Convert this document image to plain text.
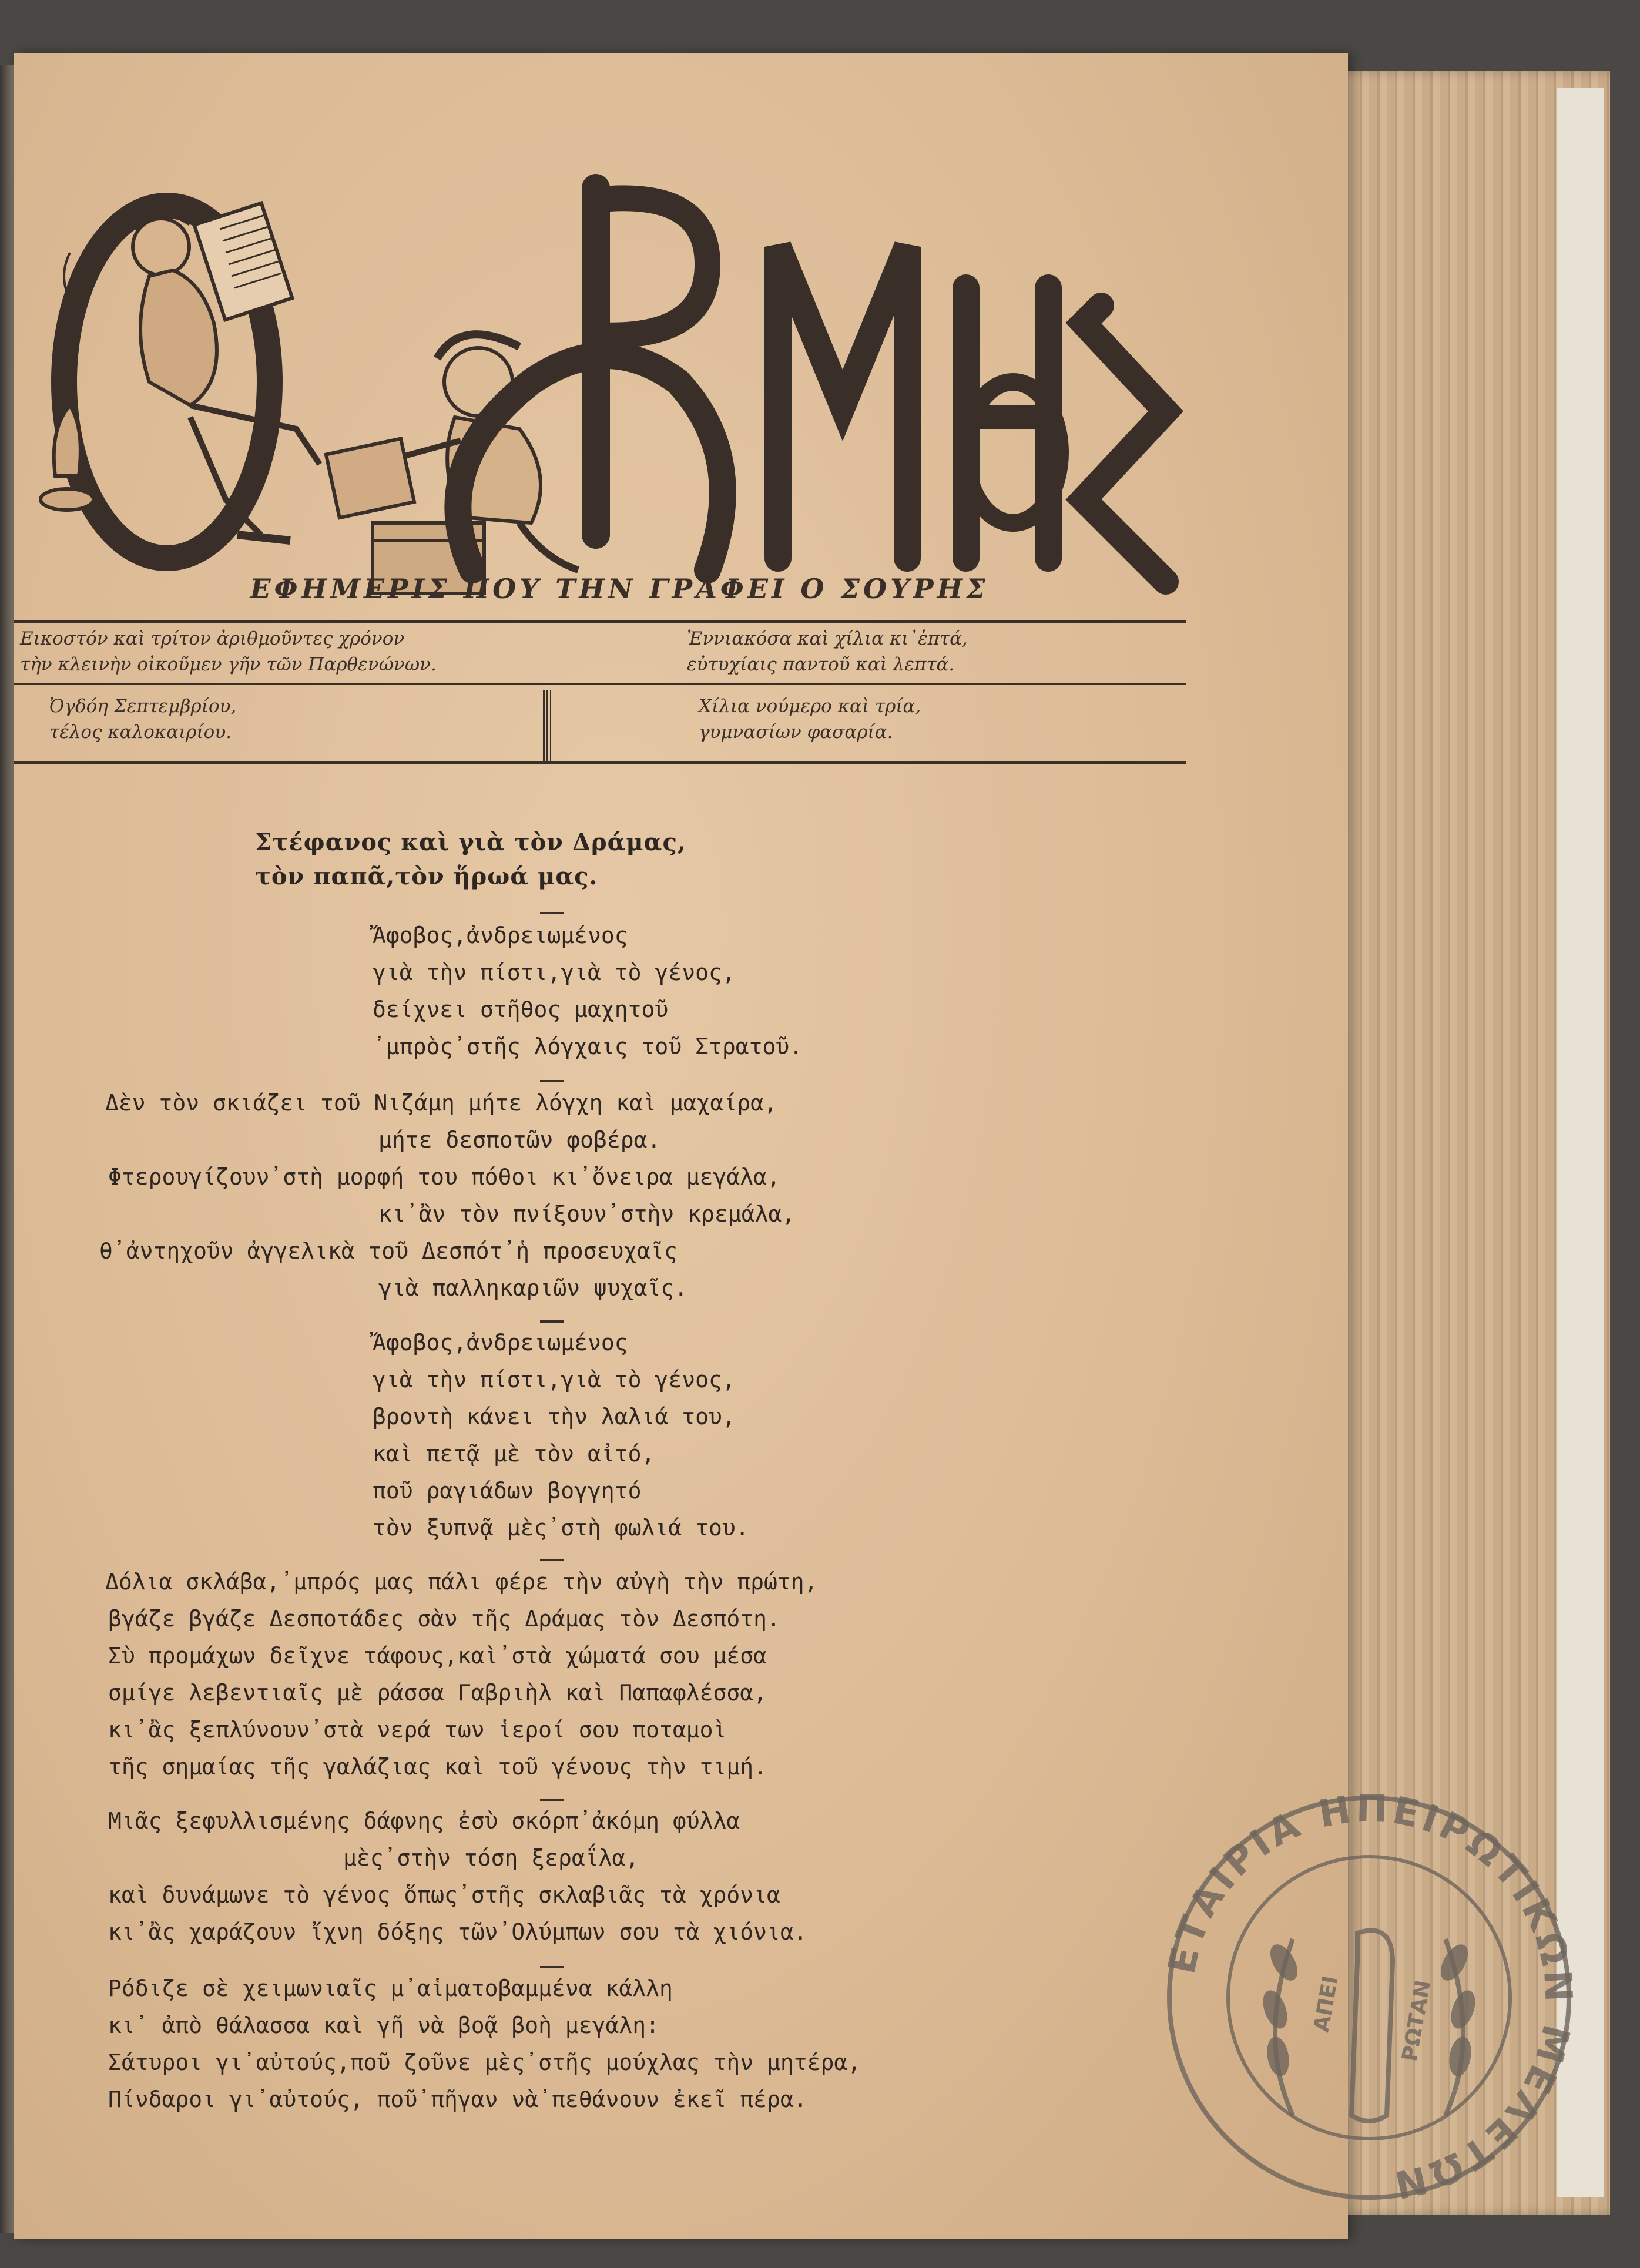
ΕΦΗΜΕΡΙΣ ΠΟΥ ΤΗΝ ΓΡΑΦΕΙ Ο ΣΟΥΡΗΣ
Εικοστόν καὶ τρίτον ἀριθμοῦντες χρόνον
τὴν κλεινὴν οἰκοῦμεν γῆν τῶν Παρθενώνων.
Ἐννιακόσα καὶ χίλια κι᾽ἑπτά,
εὐτυχίαις παντοῦ καὶ λεπτά.
Ὀγδόη Σεπτεμβρίου,
τέλος καλοκαιρίου.
Χίλια νούμερο καὶ τρία,
γυμνασίων φασαρία.
Στέφανος καὶ γιὰ τὸν Δράμας,
τὸν παπᾶ,τὸν ἥρωά μας.
Ἄφοβος,ἀνδρειωμένος
γιὰ τὴν πίστι,γιὰ τὸ γένος,
δείχνει στῆθος μαχητοῦ
᾽μπρὸς᾽στῆς λόγχαις τοῦ Στρατοῦ.
Δὲν τὸν σκιάζει τοῦ Νιζάμη μήτε λόγχη καὶ μαχαίρα,
μήτε δεσποτῶν φοβέρα.
Φτερουγίζουν᾽στὴ μορφή του πόθοι κι᾽ὄνειρα μεγάλα,
κι᾽ἂν τὸν πνίξουν᾽στὴν κρεμάλα,
θ᾽ἀντηχοῦν ἀγγελικὰ τοῦ Δεσπότ᾽ἡ προσευχαῖς
γιὰ παλληκαριῶν ψυχαῖς.
Ἄφοβος,ἀνδρειωμένος
γιὰ τὴν πίστι,γιὰ τὸ γένος,
βροντὴ κάνει τὴν λαλιά του,
καὶ πετᾷ μὲ τὸν αἰτό,
ποῦ ραγιάδων βογγητό
τὸν ξυπνᾷ μὲς᾽στὴ φωλιά του.
Δόλια σκλάβα,᾽μπρός μας πάλι φέρε τὴν αὐγὴ τὴν πρώτη,
βγάζε βγάζε Δεσποτάδες σὰν τῆς Δράμας τὸν Δεσπότη.
Σὺ προμάχων δεῖχνε τάφους,καὶ᾽στὰ χώματά σου μέσα
σμίγε λεβεντιαῖς μὲ ράσσα Γαβριὴλ καὶ Παπαφλέσσα,
κι᾽ἂς ξεπλύνουν᾽στὰ νερά των ἱεροί σου ποταμοὶ
τῆς σημαίας τῆς γαλάζιας καὶ τοῦ γένους τὴν τιμή.
Μιᾶς ξεφυλλισμένης δάφνης ἐσὺ σκόρπ᾽ἀκόμη φύλλα
μὲς᾽στὴν τόση ξεραΐλα,
καὶ δυνάμωνε τὸ γένος ὅπως᾽στῆς σκλαβιᾶς τὰ χρόνια
κι᾽ἂς χαράζουν ἴχνη δόξης τῶν᾽Ολύμπων σου τὰ χιόνια.
Ρόδιζε σὲ χειμωνιαῖς μ᾽αἱματοβαμμένα κάλλη
κι᾽ ἀπὸ θάλασσα καὶ γῆ νὰ βοᾷ βοὴ μεγάλη:
Σάτυροι γι᾽αὐτούς,ποῦ ζοῦνε μὲς᾽στῆς μούχλας τὴν μητέρα,
Πίνδαροι γι᾽αὐτούς, ποῦ᾽πῆγαν νὰ᾽πεθάνουν ἐκεῖ πέρα.
ΕΤΑΙΡΙΑ ΗΠΕΙΡΩΤΙΚΩΝ ΜΕΛΕΤΩΝ
ΑΠΕΙ	ΡΩΤΑΝ
